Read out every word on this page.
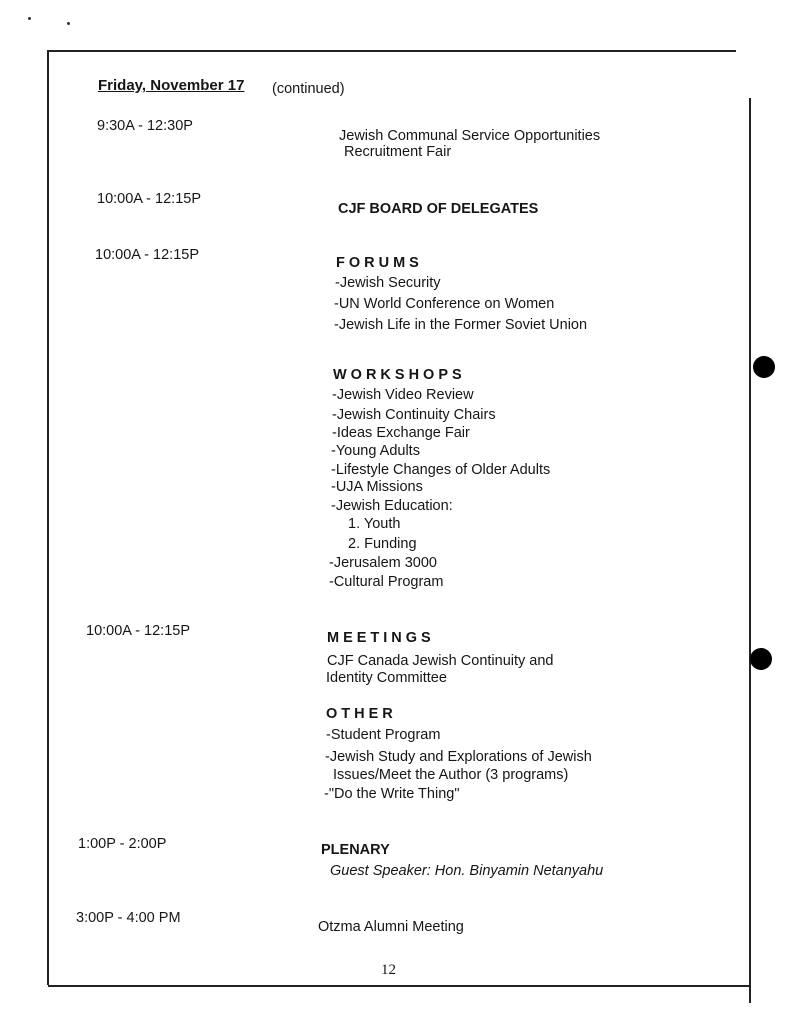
Friday, November 17 (continued)
9:30A - 12:30P
10:00A - 12:15P
10:00A - 12:15P
10:00A - 12:15P
1:00P - 2:00P
3:00P - 4:00 PM
Jewish Communal Service Opportunities
Recruitment Fair
CJF BOARD OF DELEGATES
FORUMS
-Jewish Security
-UN World Conference on Women
-Jewish Life in the Former Soviet Union
WORKSHOPS
-Jewish Video Review
-Jewish Continuity Chairs
-Ideas Exchange Fair
-Young Adults
-Lifestyle Changes of Older Adults
-UJA Missions
-Jewish Education:
1. Youth
2. Funding
-Jerusalem 3000
-Cultural Program
MEETINGS
CJF Canada Jewish Continuity and
Identity Committee
OTHER
-Student Program
-Jewish Study and Explorations of Jewish
Issues/Meet the Author (3 programs)
-"Do the Write Thing"
PLENARY
Guest Speaker: Hon. Binyamin Netanyahu
Otzma Alumni Meeting
12
